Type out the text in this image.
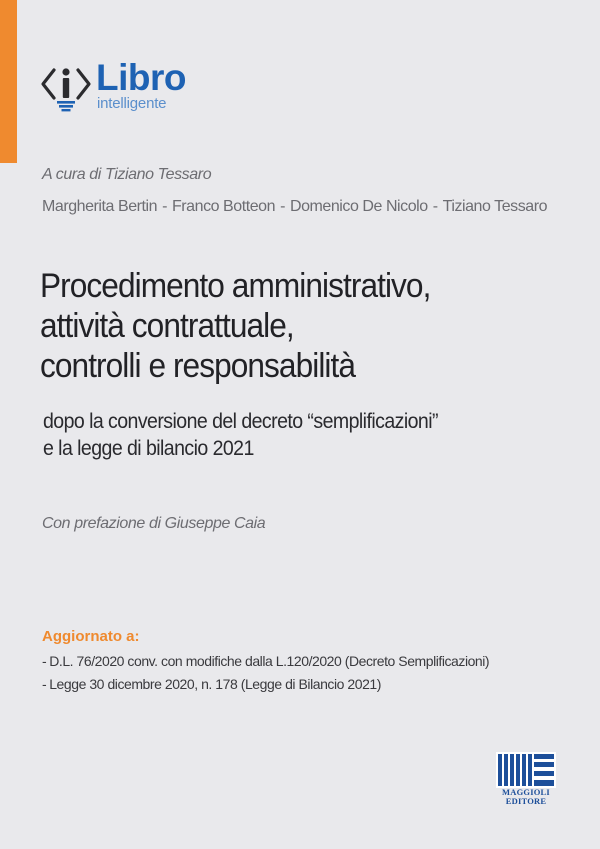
Libro
intelligente
A cura di Tiziano Tessaro
Margherita Bertin - Franco Botteon - Domenico De Nicolo - Tiziano Tessaro
Procedimento amministrativo,
attività contrattuale,
controlli e responsabilità
dopo la conversione del decreto “semplificazioni”
e la legge di bilancio 2021
Con prefazione di Giuseppe Caia
Aggiornato a:
- D.L. 76/2020 conv. con modifiche dalla L.120/2020 (Decreto Semplificazioni)
- Legge 30 dicembre 2020, n. 178 (Legge di Bilancio 2021)
MAGGIOLI
EDITORE
